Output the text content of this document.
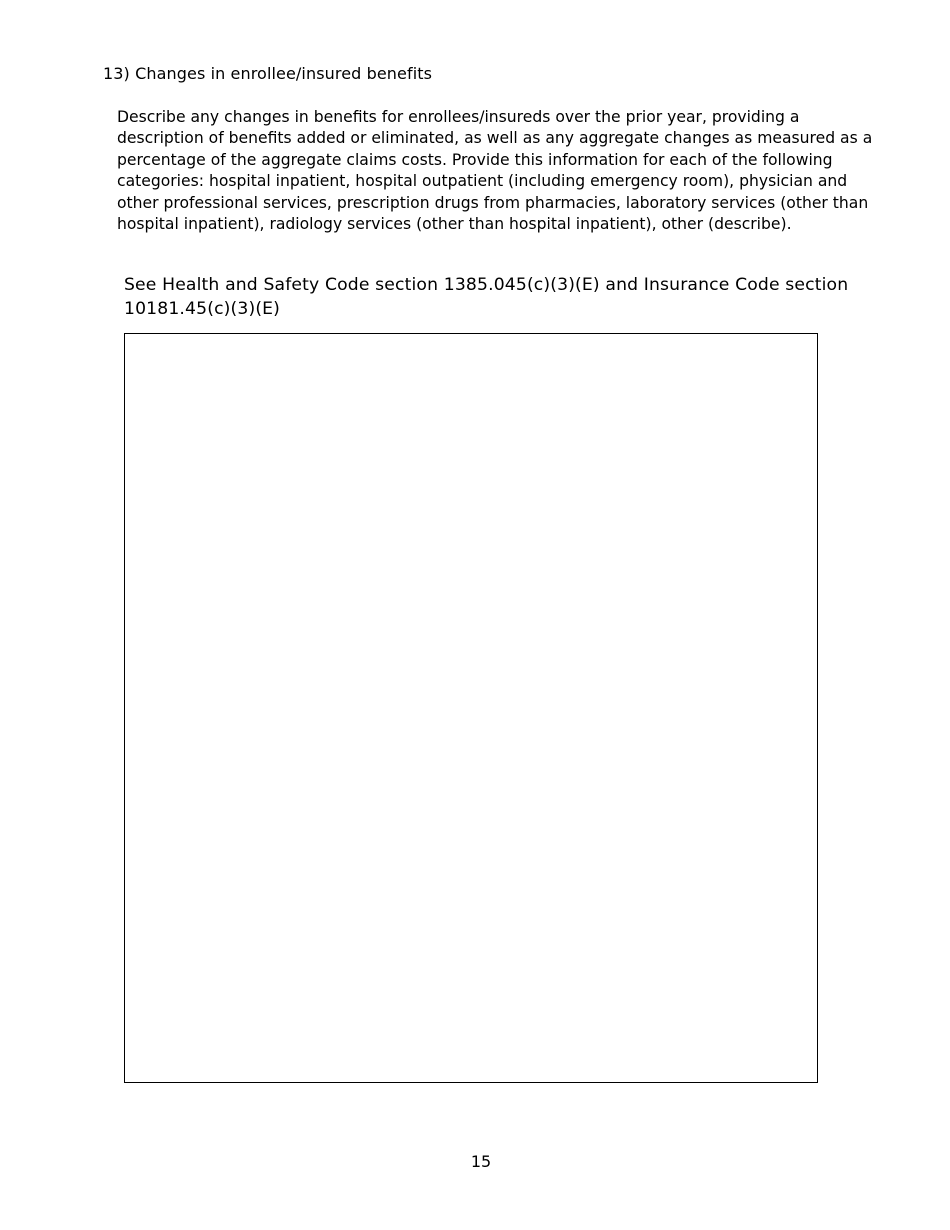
13) Changes in enrollee/insured benefits
Describe any changes in benefits for enrollees/insureds over the prior year, providing a description of benefits added or eliminated, as well as any aggregate changes as measured as a percentage of the aggregate claims costs. Provide this information for each of the following categories: hospital inpatient, hospital outpatient (including emergency room), physician and other professional services, prescription drugs from pharmacies, laboratory services (other than hospital inpatient), radiology services (other than hospital inpatient), other (describe).
See Health and Safety Code section 1385.045(c)(3)(E) and Insurance Code section 10181.45(c)(3)(E)
15
